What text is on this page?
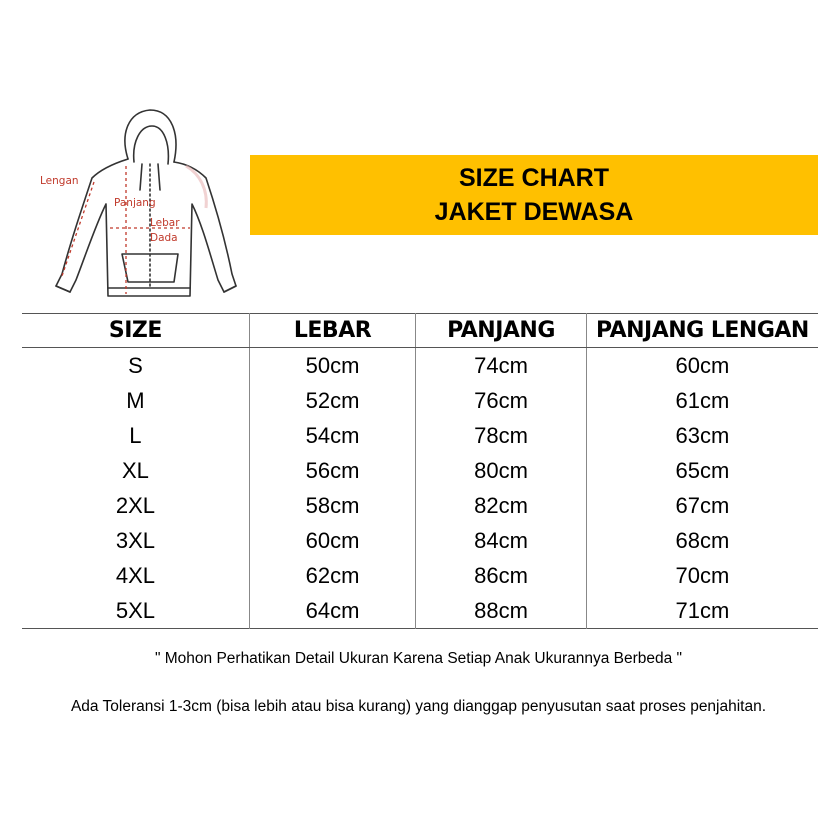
Lengan
Panjang
Lebar
Dada
SIZE CHART
JAKET DEWASA
SIZE	LEBAR	PANJANG	PANJANG LENGAN
S	50cm	74cm	60cm
M	52cm	76cm	61cm
L	54cm	78cm	63cm
XL	56cm	80cm	65cm
2XL	58cm	82cm	67cm
3XL	60cm	84cm	68cm
4XL	62cm	86cm	70cm
5XL	64cm	88cm	71cm
" Mohon Perhatikan Detail Ukuran Karena Setiap Anak Ukurannya Berbeda "
Ada Toleransi 1-3cm (bisa lebih atau bisa kurang) yang dianggap penyusutan saat proses penjahitan.
